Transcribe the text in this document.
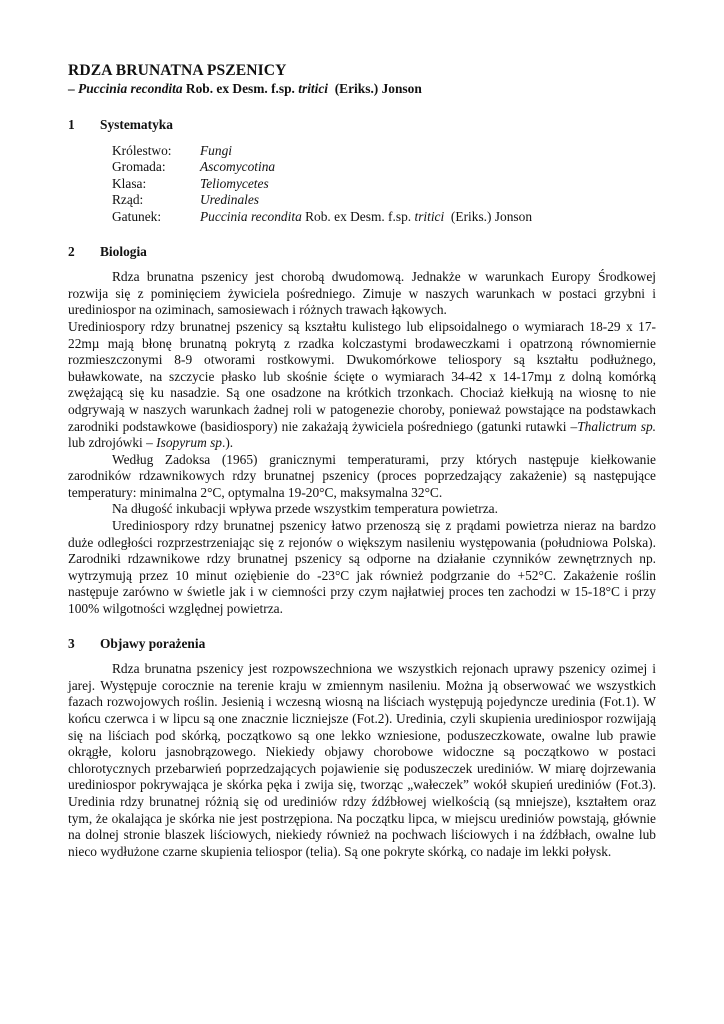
RDZA BRUNATNA PSZENICY
– Puccinia recondita Rob. ex Desm. f.sp. tritici  (Eriks.) Jonson
1	Systematyka
Królestwo:	Fungi
Gromada:	Ascomycotina
Klasa:	Teliomycetes
Rząd:	Uredinales
Gatunek:	Puccinia recondita Rob. ex Desm. f.sp. tritici  (Eriks.) Jonson
2	Biologia

Rdza brunatna pszenicy jest chorobą dwudomową. Jednakże w warunkach Europy Środkowej rozwija się z pominięciem żywiciela pośredniego. Zimuje w naszych warunkach w postaci grzybni i urediniospor na oziminach, samosiewach i różnych trawach łąkowych.

Urediniospory rdzy brunatnej pszenicy są kształtu kulistego lub elipsoidalnego o wymiarach 18-29 x 17-22mµ mają błonę brunatną pokrytą z rzadka kolczastymi brodaweczkami i opatrzoną równomiernie rozmieszczonymi 8-9 otworami rostkowymi. Dwukomórkowe teliospory są kształtu podłużnego, buławkowate, na szczycie płasko lub skośnie ścięte o wymiarach 34-42 x 14-17mµ z dolną komórką zwężającą się ku nasadzie. Są one osadzone na krótkich trzonkach. Chociaż kiełkują na wiosnę to nie odgrywają w naszych warunkach żadnej roli w patogenezie choroby, ponieważ powstające na podstawkach zarodniki podstawkowe (basidiospory) nie zakażają żywiciela pośredniego (gatunki rutawki –Thalictrum sp. lub zdrojówki – Isopyrum sp.).

Według Zadoksa (1965) granicznymi temperaturami, przy których następuje kiełkowanie zarodników rdzawnikowych rdzy brunatnej pszenicy (proces poprzedzający zakażenie) są następujące temperatury: minimalna 2°C, optymalna 19-20°C, maksymalna 32°C.

Na długość inkubacji wpływa przede wszystkim temperatura powietrza.

Urediniospory rdzy brunatnej pszenicy łatwo przenoszą się z prądami powietrza nieraz na bardzo duże odległości rozprzestrzeniając się z rejonów o większym nasileniu występowania (południowa Polska). Zarodniki rdzawnikowe rdzy brunatnej pszenicy są odporne na działanie czynników zewnętrznych np. wytrzymują przez 10 minut oziębienie do -23°C jak również podgrzanie do +52°C. Zakażenie roślin następuje zarówno w świetle jak i w ciemności przy czym najłatwiej proces ten zachodzi w 15-18°C i przy 100% wilgotności względnej powietrza.

3	Objawy porażenia

Rdza brunatna pszenicy jest rozpowszechniona we wszystkich rejonach uprawy pszenicy ozimej i jarej. Występuje corocznie na terenie kraju w zmiennym nasileniu. Można ją obserwować we wszystkich fazach rozwojowych roślin. Jesienią i wczesną wiosną na liściach występują pojedyncze uredinia (Fot.1). W końcu czerwca i w lipcu są one znacznie liczniejsze (Fot.2). Uredinia, czyli skupienia urediniospor rozwijają się na liściach pod skórką, początkowo są one lekko wzniesione, poduszeczkowate, owalne lub prawie okrągłe, koloru jasnobrązowego. Niekiedy objawy chorobowe widoczne są początkowo w postaci chlorotycznych przebarwień poprzedzających pojawienie się poduszeczek urediniów. W miarę dojrzewania urediniospor pokrywająca je skórka pęka i zwija się, tworząc „wałeczek” wokół skupień urediniów (Fot.3). Uredinia rdzy brunatnej różnią się od urediniów rdzy źdźbłowej wielkością (są mniejsze), kształtem oraz tym, że okalająca je skórka nie jest postrzępiona. Na początku lipca, w miejscu urediniów powstają, głównie na dolnej stronie blaszek liściowych, niekiedy również na pochwach liściowych i na źdźbłach, owalne lub nieco wydłużone czarne skupienia teliospor (telia). Są one pokryte skórką, co nadaje im lekki połysk.
